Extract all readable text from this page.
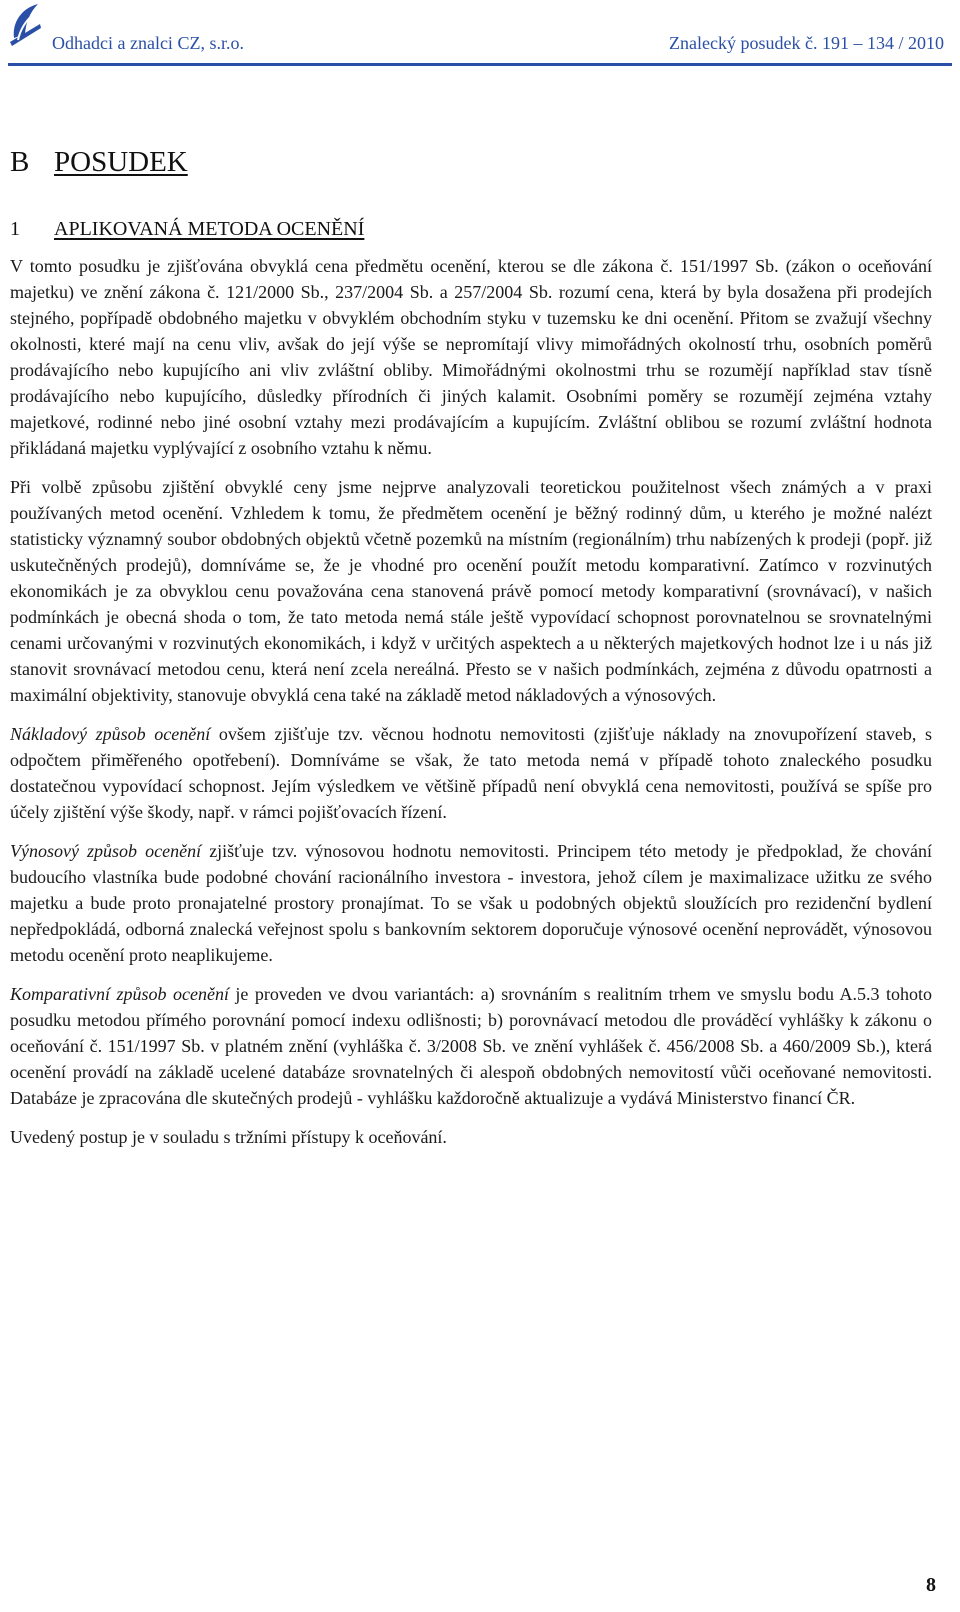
Odhadci a znalci CZ, s.r.o.	Znalecký posudek č. 191 – 134 / 2010
B POSUDEK
1 APLIKOVANÁ METODA OCENĚNÍ

V tomto posudku je zjišťována obvyklá cena předmětu ocenění, kterou se dle zákona č. 151/1997 Sb. (zákon o oceňování majetku) ve znění zákona č. 121/2000 Sb., 237/2004 Sb. a 257/2004 Sb. rozumí cena, která by byla dosažena při prodejích stejného, popřípadě obdobného majetku v obvyklém obchodním styku v tuzemsku ke dni ocenění. Přitom se zvažují všechny okolnosti, které mají na cenu vliv, avšak do její výše se nepromítají vlivy mimořádných okolností trhu, osobních poměrů prodávajícího nebo kupujícího ani vliv zvláštní obliby. Mimořádnými okolnostmi trhu se rozumějí například stav tísně prodávajícího nebo kupujícího, důsledky přírodních či jiných kalamit. Osobními poměry se rozumějí zejména vztahy majetkové, rodinné nebo jiné osobní vztahy mezi prodávajícím a kupujícím. Zvláštní oblibou se rozumí zvláštní hodnota přikládaná majetku vyplývající z osobního vztahu k němu.

Při volbě způsobu zjištění obvyklé ceny jsme nejprve analyzovali teoretickou použitelnost všech známých a v praxi používaných metod ocenění. Vzhledem k tomu, že předmětem ocenění je běžný rodinný dům, u kterého je možné nalézt statisticky významný soubor obdobných objektů včetně pozemků na místním (regionálním) trhu nabízených k prodeji (popř. již uskutečněných prodejů), domníváme se, že je vhodné pro ocenění použít metodu komparativní. Zatímco v rozvinutých ekonomikách je za obvyklou cenu považována cena stanovená právě pomocí metody komparativní (srovnávací), v našich podmínkách je obecná shoda o tom, že tato metoda nemá stále ještě vypovídací schopnost porovnatelnou se srovnatelnými cenami určovanými v rozvinutých ekonomikách, i když v určitých aspektech a u některých majetkových hodnot lze i u nás již stanovit srovnávací metodou cenu, která není zcela nereálná. Přesto se v našich podmínkách, zejména z důvodu opatrnosti a maximální objektivity, stanovuje obvyklá cena také na základě metod nákladových a výnosových.

Nákladový způsob ocenění ovšem zjišťuje tzv. věcnou hodnotu nemovitosti (zjišťuje náklady na znovupořízení staveb, s odpočtem přiměřeného opotřebení). Domníváme se však, že tato metoda nemá v případě tohoto znaleckého posudku dostatečnou vypovídací schopnost. Jejím výsledkem ve většině případů není obvyklá cena nemovitosti, používá se spíše pro účely zjištění výše škody, např. v rámci pojišťovacích řízení.

Výnosový způsob ocenění zjišťuje tzv. výnosovou hodnotu nemovitosti. Principem této metody je předpoklad, že chování budoucího vlastníka bude podobné chování racionálního investora - investora, jehož cílem je maximalizace užitku ze svého majetku a bude proto pronajatelné prostory pronajímat. To se však u podobných objektů sloužících pro rezidenční bydlení nepředpokládá, odborná znalecká veřejnost spolu s bankovním sektorem doporučuje výnosové ocenění neprovádět, výnosovou metodu ocenění proto neaplikujeme.

Komparativní způsob ocenění je proveden ve dvou variantách: a) srovnáním s realitním trhem ve smyslu bodu A.5.3 tohoto posudku metodou přímého porovnání pomocí indexu odlišnosti; b) porovnávací metodou dle prováděcí vyhlášky k zákonu o oceňování č. 151/1997 Sb. v platném znění (vyhláška č. 3/2008 Sb. ve znění vyhlášek č. 456/2008 Sb. a 460/2009 Sb.), která ocenění provádí na základě ucelené databáze srovnatelných či alespoň obdobných nemovitostí vůči oceňované nemovitosti. Databáze je zpracována dle skutečných prodejů - vyhlášku každoročně aktualizuje a vydává Ministerstvo financí ČR.

Uvedený postup je v souladu s tržními přístupy k oceňování.

8
